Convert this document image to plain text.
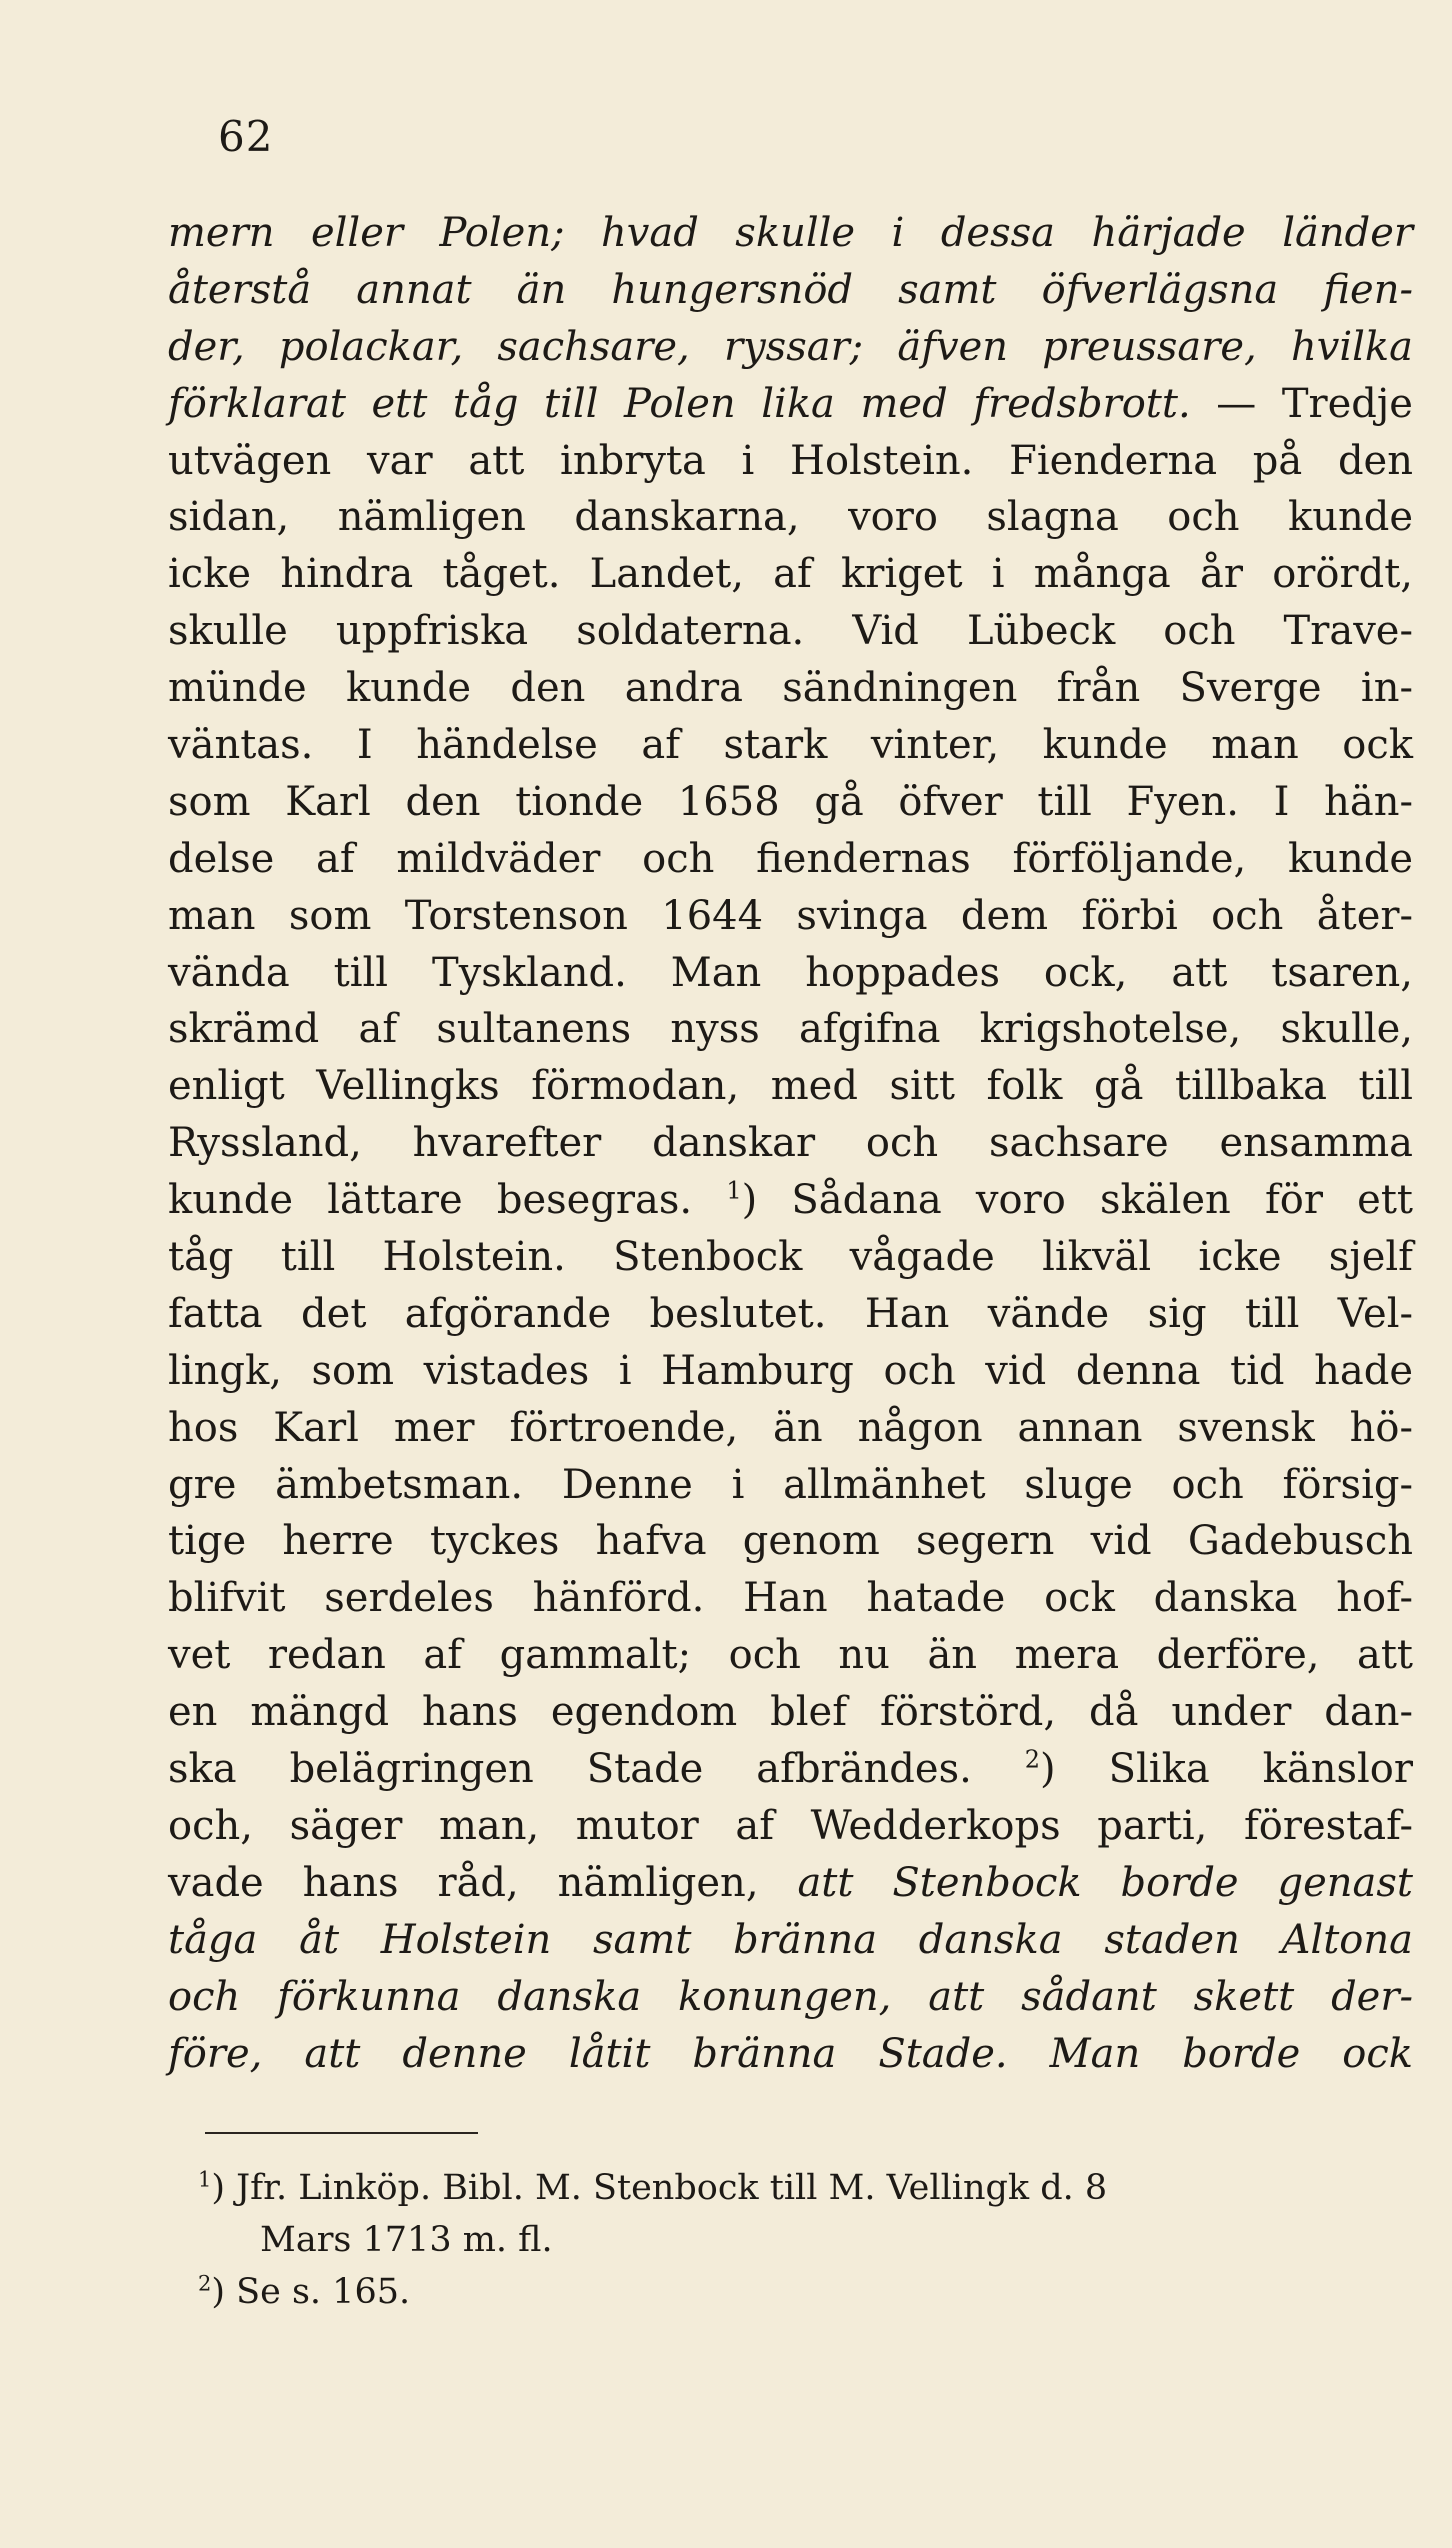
62
mern eller Polen; hvad skulle i dessa härjade länder
återstå annat än hungersnöd samt öfverlägsna fien-
der, polackar, sachsare, ryssar; äfven preussare, hvilka
förklarat ett tåg till Polen lika med fredsbrott. — Tredje
utvägen var att inbryta i Holstein. Fienderna på den
sidan, nämligen danskarna, voro slagna och kunde
icke hindra tåget. Landet, af kriget i många år orördt,
skulle uppfriska soldaterna. Vid Lübeck och Trave-
münde kunde den andra sändningen från Sverge in-
väntas. I händelse af stark vinter, kunde man ock
som Karl den tionde 1658 gå öfver till Fyen. I hän-
delse af mildväder och fiendernas förföljande, kunde
man som Torstenson 1644 svinga dem förbi och åter-
vända till Tyskland. Man hoppades ock, att tsaren,
skrämd af sultanens nyss afgifna krigshotelse, skulle,
enligt Vellingks förmodan, med sitt folk gå tillbaka till
Ryssland, hvarefter danskar och sachsare ensamma
kunde lättare besegras. $^1$) Sådana voro skälen för ett
tåg till Holstein. Stenbock vågade likväl icke sjelf
fatta det afgörande beslutet. Han vände sig till Vel-
lingk, som vistades i Hamburg och vid denna tid hade
hos Karl mer förtroende, än någon annan svensk hö-
gre ämbetsman. Denne i allmänhet sluge och försig-
tige herre tyckes hafva genom segern vid Gadebusch
blifvit serdeles hänförd. Han hatade ock danska hof-
vet redan af gammalt; och nu än mera derföre, att
en mängd hans egendom blef förstörd, då under dan-
ska belägringen Stade afbrändes. $^2$) Slika känslor
och, säger man, mutor af Wedderkops parti, förestaf-
vade hans råd, nämligen, att Stenbock borde genast
tåga åt Holstein samt bränna danska staden Altona
och förkunna danska konungen, att sådant skett der-
före, att denne låtit bränna Stade. Man borde ock
$^1$) Jfr. Linköp. Bibl. M. Stenbock till M. Vellingk d. 8
Mars 1713 m. fl.
$^2$) Se s. 165.
